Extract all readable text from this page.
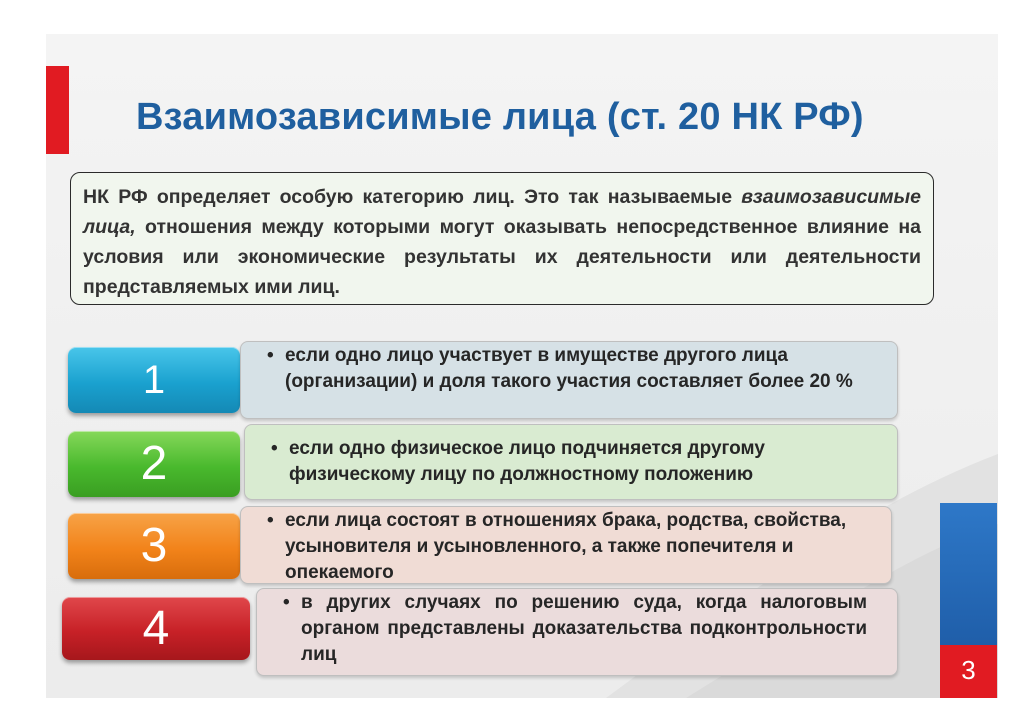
Взаимозависимые лица (ст. 20 НК РФ)
НК РФ определяет особую категорию лиц. Это так называемые взаимозависимые лица, отношения между которыми могут оказывать непосредственное влияние на условия или экономические результаты их деятельности или деятельности представляемых ими лиц.
1
• если одно лицо участвует в имуществе другого лица (организации) и доля такого участия составляет более 20 %
2	• если одно физическое лицо подчиняется другому физическому лицу по должностному положению
3	• если лица состоят в отношениях брака, родства, свойства, усыновителя и усыновленного, а также попечителя и опекаемого
4	• в других случаях по решению суда, когда налоговым органом представлены доказательства подконтрольности лиц
3
